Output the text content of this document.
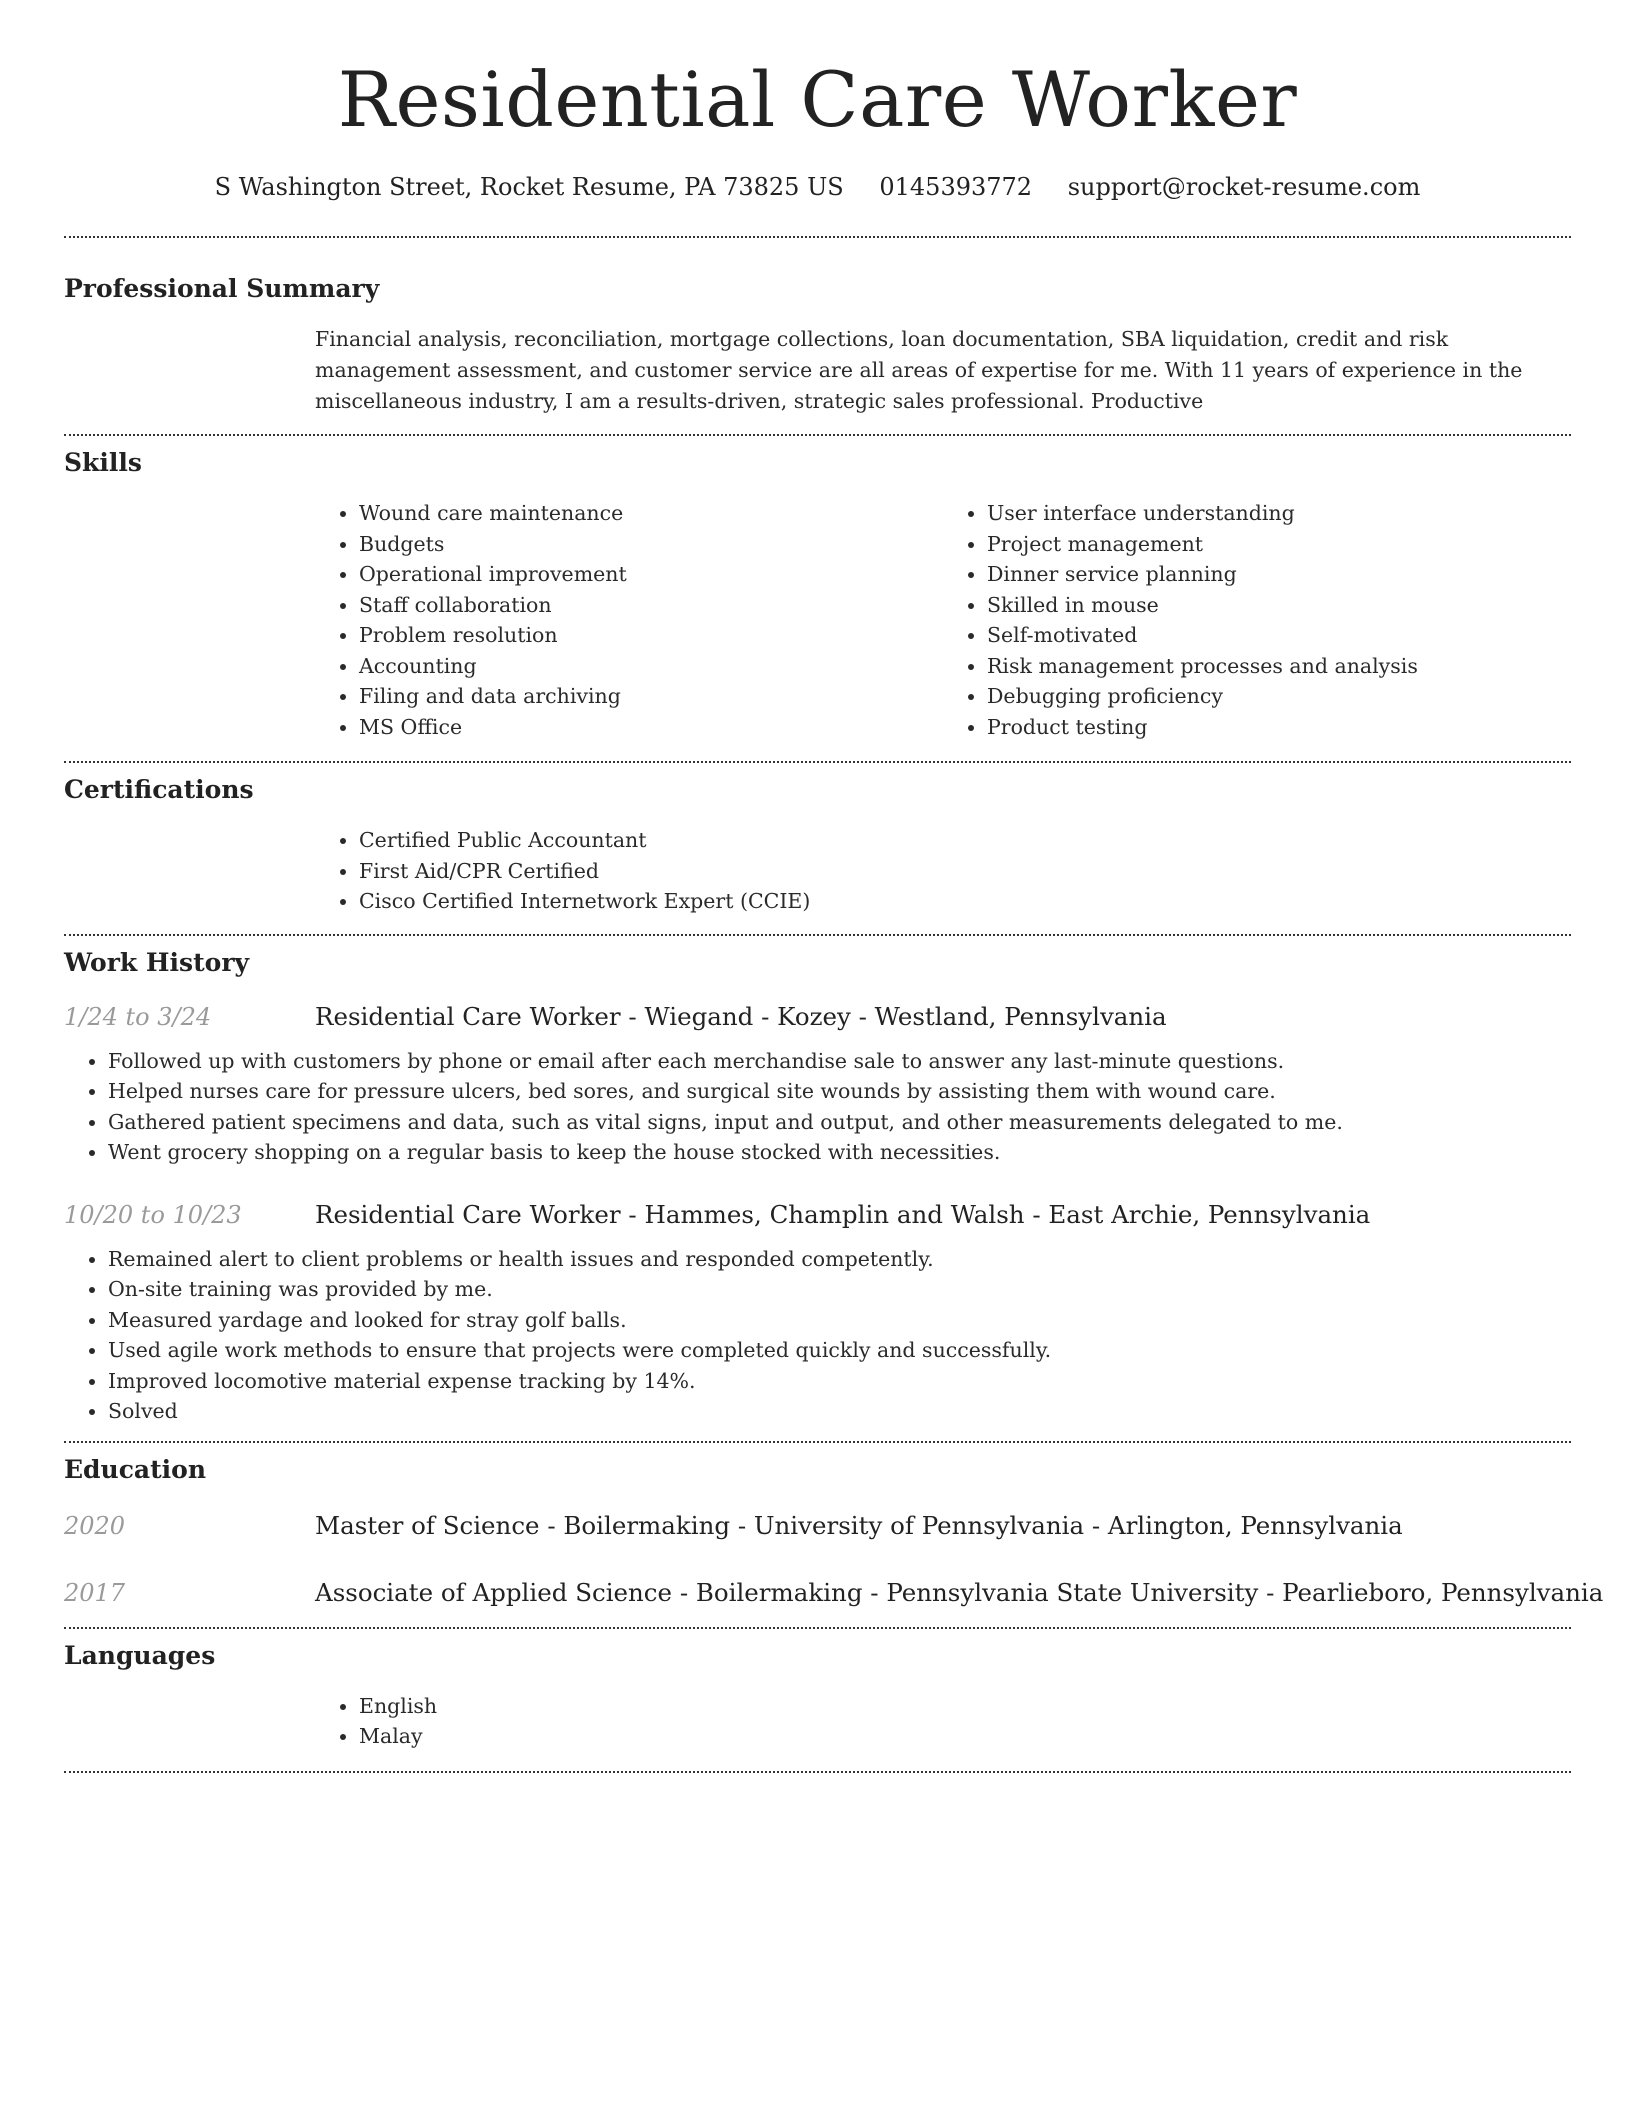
Residential Care Worker
S Washington Street, Rocket Resume, PA 73825 US 0145393772 support@rocket-resume.com
Professional Summary

Financial analysis, reconciliation, mortgage collections, loan documentation, SBA liquidation, credit and risk management assessment, and customer service are all areas of expertise for me. With 11 years of experience in the miscellaneous industry, I am a results-driven, strategic sales professional. Productive

Skills
• Wound care maintenance
• Budgets
• Operational improvement
• Staff collaboration
• Problem resolution
• Accounting
• Filing and data archiving
• MS Office
• User interface understanding
• Project management
• Dinner service planning
• Skilled in mouse
• Self-motivated
• Risk management processes and analysis
• Debugging proficiency
• Product testing
Certifications
• Certified Public Accountant
• First Aid/CPR Certified
• Cisco Certified Internetwork Expert (CCIE)
Work History
1/24 to 3/24	Residential Care Worker - Wiegand - Kozey - Westland, Pennsylvania
• Followed up with customers by phone or email after each merchandise sale to answer any last-minute questions.
• Helped nurses care for pressure ulcers, bed sores, and surgical site wounds by assisting them with wound care.
• Gathered patient specimens and data, such as vital signs, input and output, and other measurements delegated to me.
• Went grocery shopping on a regular basis to keep the house stocked with necessities.
10/20 to 10/23	Residential Care Worker - Hammes, Champlin and Walsh - East Archie, Pennsylvania
• Remained alert to client problems or health issues and responded competently.
• On-site training was provided by me.
• Measured yardage and looked for stray golf balls.
• Used agile work methods to ensure that projects were completed quickly and successfully.
• Improved locomotive material expense tracking by 14%.
• Solved
Education
2020	Master of Science - Boilermaking - University of Pennsylvania - Arlington, Pennsylvania
2017	Associate of Applied Science - Boilermaking - Pennsylvania State University - Pearlieboro, Pennsylvania
Languages
• English
• Malay
